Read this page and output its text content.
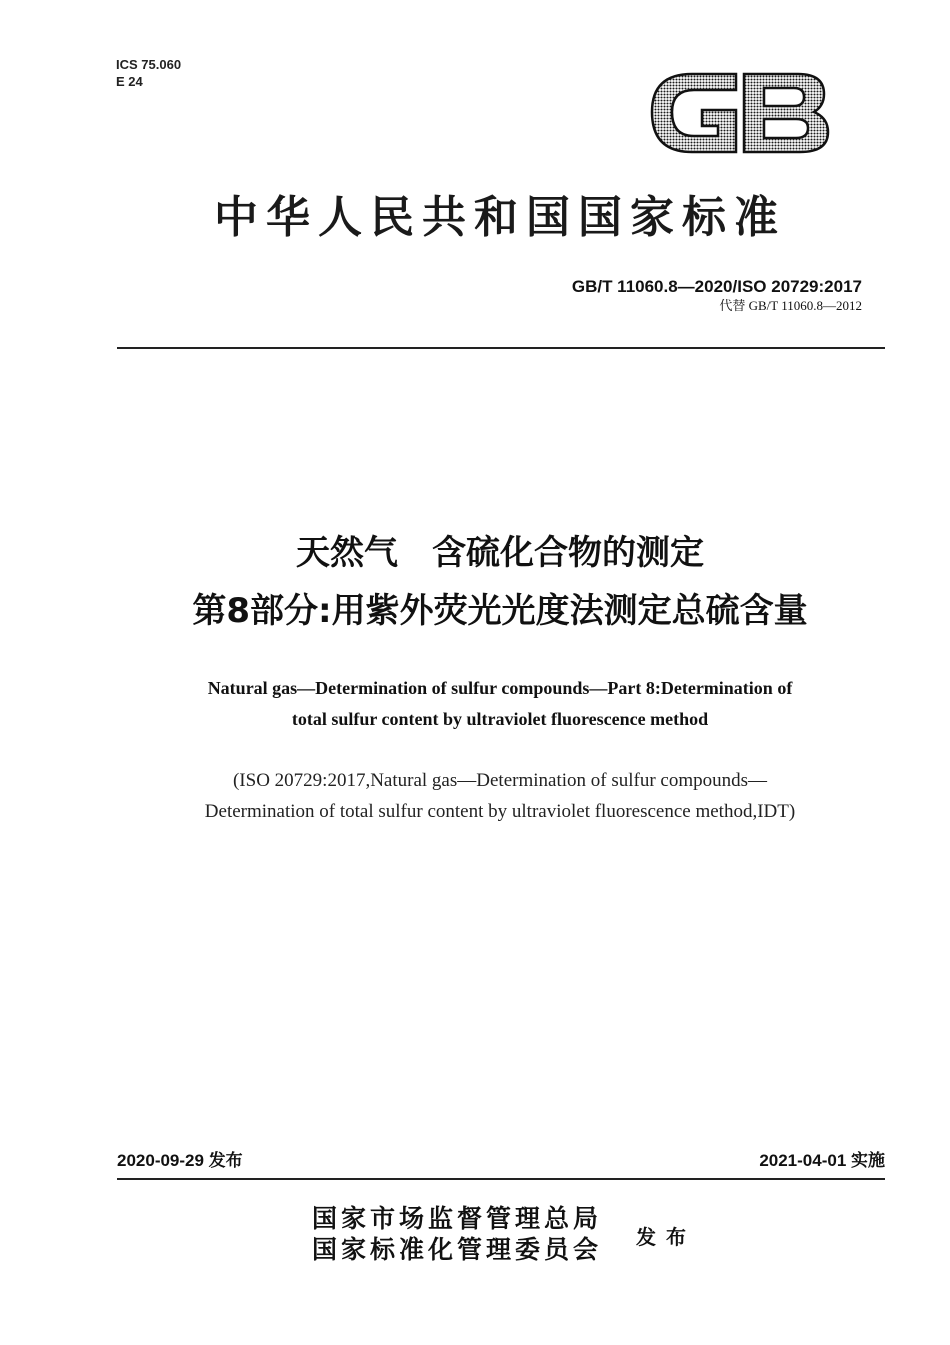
ICS 75.060
E 24
中华人民共和国国家标准
GB/T 11060.8—2020/ISO 20729:2017
代替 GB/T 11060.8—2012
天然气　含硫化合物的测定
第8部分:用紫外荧光光度法测定总硫含量
Natural gas—Determination of sulfur compounds—Part 8:Determination of
total sulfur content by ultraviolet fluorescence method
(ISO 20729:2017,Natural gas—Determination of sulfur compounds—
Determination of total sulfur content by ultraviolet fluorescence method,IDT)
2020-09-29 发布	2021-04-01 实施
国家市场监督管理总局
国家标准化管理委员会 发布
